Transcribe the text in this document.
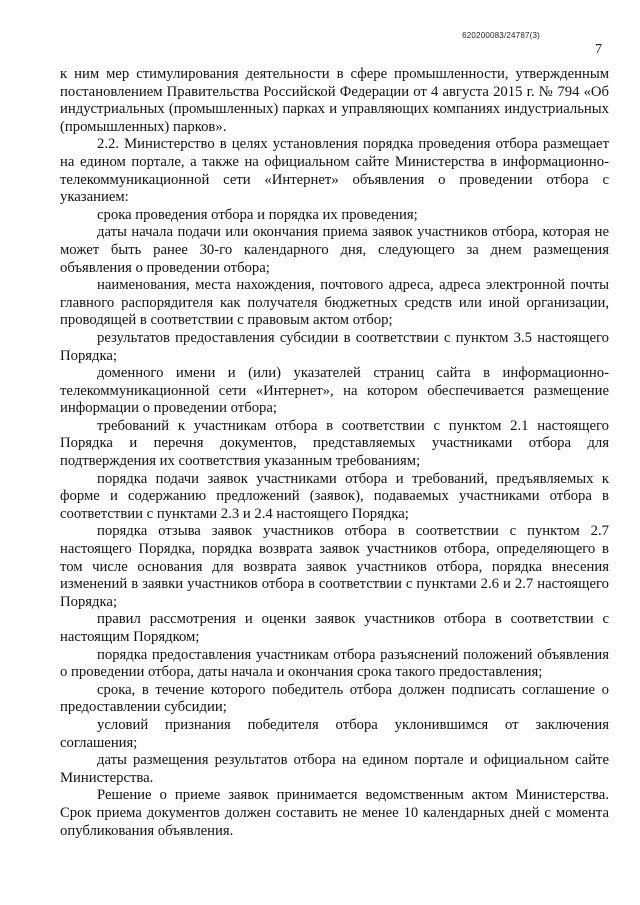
620200083/24787(3)
7

к ним мер стимулирования деятельности в сфере промышленности, утвержденным постановлением Правительства Российской Федерации от 4 августа 2015 г. № 794 «Об индустриальных (промышленных) парках и управляющих компаниях индустриальных (промышленных) парков».

2.2. Министерство в целях установления порядка проведения отбора размещает на едином портале, а также на официальном сайте Министерства в информационно-телекоммуникационной сети «Интернет» объявления о проведении отбора с указанием:

срока проведения отбора и порядка их проведения;

даты начала подачи или окончания приема заявок участников отбора, которая не может быть ранее 30-го календарного дня, следующего за днем размещения объявления о проведении отбора;

наименования, места нахождения, почтового адреса, адреса электронной почты главного распорядителя как получателя бюджетных средств или иной организации, проводящей в соответствии с правовым актом отбор;

результатов предоставления субсидии в соответствии с пунктом 3.5 настоящего Порядка;

доменного имени и (или) указателей страниц сайта в информационно-телекоммуникационной сети «Интернет», на котором обеспечивается размещение информации о проведении отбора;

требований к участникам отбора в соответствии с пунктом 2.1 настоящего Порядка и перечня документов, представляемых участниками отбора для подтверждения их соответствия указанным требованиям;

порядка подачи заявок участниками отбора и требований, предъявляемых к форме и содержанию предложений (заявок), подаваемых участниками отбора в соответствии с пунктами 2.3 и 2.4 настоящего Порядка;

порядка отзыва заявок участников отбора в соответствии с пунктом 2.7 настоящего Порядка, порядка возврата заявок участников отбора, определяющего в том числе основания для возврата заявок участников отбора, порядка внесения изменений в заявки участников отбора в соответствии с пунктами 2.6 и 2.7 настоящего Порядка;

правил рассмотрения и оценки заявок участников отбора в соответствии с настоящим Порядком;

порядка предоставления участникам отбора разъяснений положений объявления о проведении отбора, даты начала и окончания срока такого предоставления;

срока, в течение которого победитель отбора должен подписать соглашение о предоставлении субсидии;

условий признания победителя отбора уклонившимся от заключения соглашения;

даты размещения результатов отбора на едином портале и официальном сайте Министерства.

Решение о приеме заявок принимается ведомственным актом Министерства. Срок приема документов должен составить не менее 10 календарных дней с момента опубликования объявления.
